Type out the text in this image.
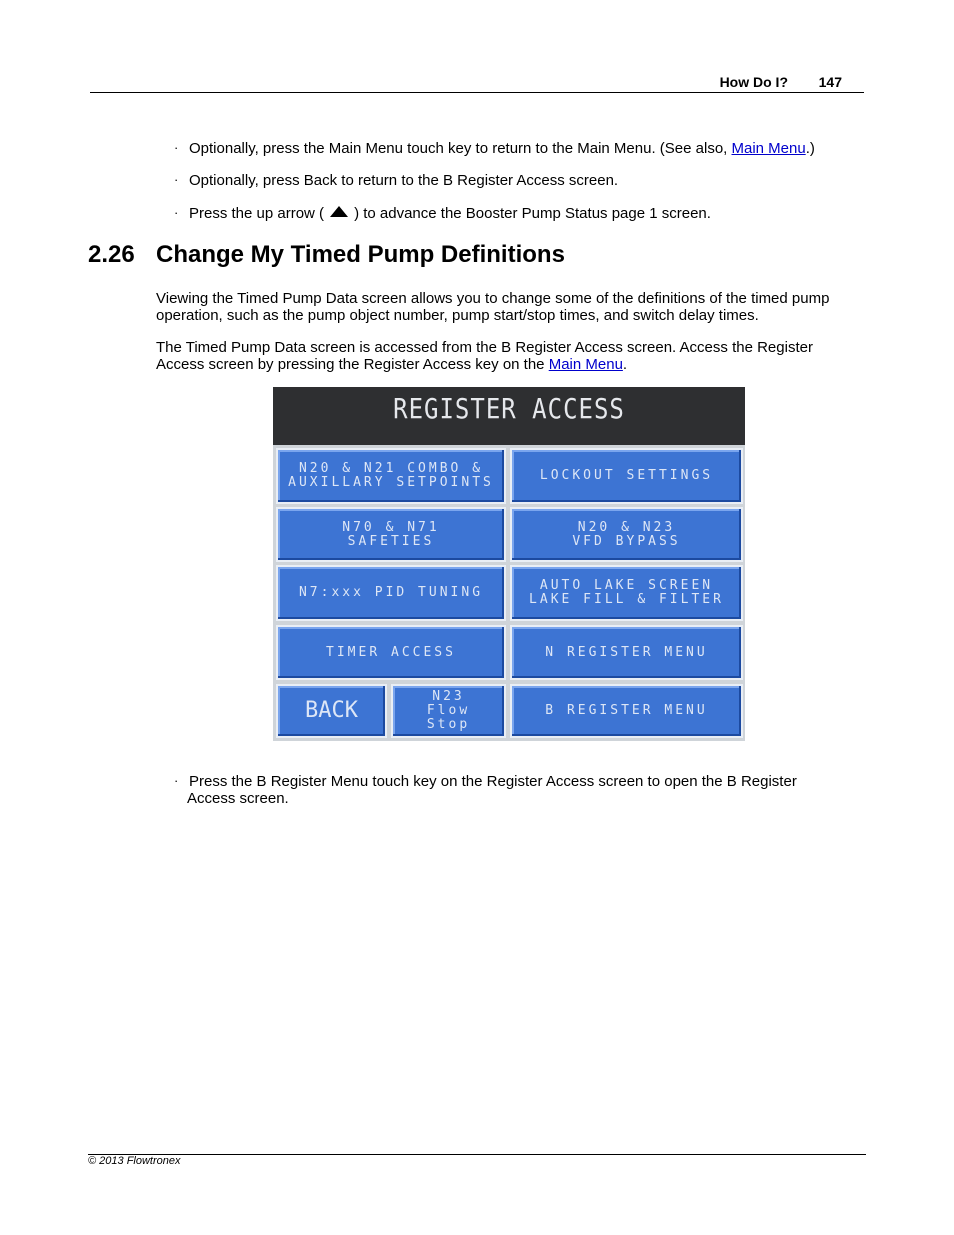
How Do I? 147
· Optionally, press the Main Menu touch key to return to the Main Menu. (See also, Main Menu.)
· Optionally, press Back to return to the B Register Access screen.
· Press the up arrow ( ) to advance the Booster Pump Status page 1 screen.
2.26 Change My Timed Pump Definitions
Viewing the Timed Pump Data screen allows you to change some of the definitions of the timed pump operation, such as the pump object number, pump start/stop times, and switch delay times.
The Timed Pump Data screen is accessed from the B Register Access screen. Access the Register Access screen by pressing the Register Access key on the Main Menu.
REGISTER ACCESS
N20 & N21 COMBO &
AUXILLARY SETPOINTS	LOCKOUT SETTINGS
N70 & N71
SAFETIES
N20 & N23
VFD BYPASS
N7:xxx PID TUNING	AUTO LAKE SCREEN
LAKE FILL & FILTER
TIMER ACCESS	N REGISTER MENU
BACK
N23
Flow
Stop
B REGISTER MENU
· Press the B Register Menu touch key on the Register Access screen to open the B Register
Access screen.
© 2013 Flowtronex
